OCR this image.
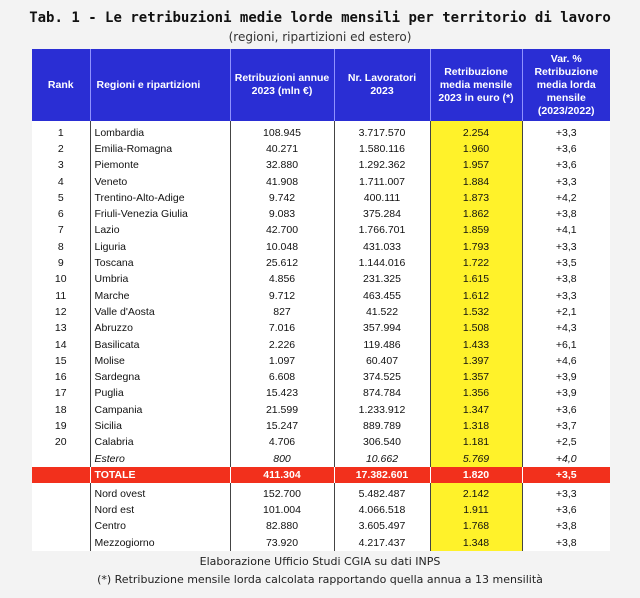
Tab. 1 - Le retribuzioni medie lorde mensili per territorio di lavoro
(regioni, ripartizioni ed estero)
Rank	Regioni e ripartizioni	Retribuzioni annue 2023 (mln €)	Nr. Lavoratori 2023	Retribuzione media mensile 2023 in euro (*)	Var. % Retribuzione media lorda mensile (2023/2022)
1	Lombardia	108.945	3.717.570	2.254	+3,3
2	Emilia-Romagna	40.271	1.580.116	1.960	+3,6
3	Piemonte	32.880	1.292.362	1.957	+3,6
4	Veneto	41.908	1.711.007	1.884	+3,3
5	Trentino-Alto-Adige	9.742	400.111	1.873	+4,2
6	Friuli-Venezia Giulia	9.083	375.284	1.862	+3,8
7	Lazio	42.700	1.766.701	1.859	+4,1
8	Liguria	10.048	431.033	1.793	+3,3
9	Toscana	25.612	1.144.016	1.722	+3,5
10	Umbria	4.856	231.325	1.615	+3,8
11	Marche	9.712	463.455	1.612	+3,3
12	Valle d'Aosta	827	41.522	1.532	+2,1
13	Abruzzo	7.016	357.994	1.508	+4,3
14	Basilicata	2.226	119.486	1.433	+6,1
15	Molise	1.097	60.407	1.397	+4,6
16	Sardegna	6.608	374.525	1.357	+3,9
17	Puglia	15.423	874.784	1.356	+3,9
18	Campania	21.599	1.233.912	1.347	+3,6
19	Sicilia	15.247	889.789	1.318	+3,7
20	Calabria	4.706	306.540	1.181	+2,5
	Estero	800	10.662	5.769	+4,0
	TOTALE	411.304	17.382.601	1.820	+3,5
	Nord ovest	152.700	5.482.487	2.142	+3,3
	Nord est	101.004	4.066.518	1.911	+3,6
	Centro	82.880	3.605.497	1.768	+3,8
	Mezzogiorno	73.920	4.217.437	1.348	+3,8
Elaborazione Ufficio Studi CGIA su dati INPS
(*) Retribuzione mensile lorda calcolata rapportando quella annua a 13 mensilità
